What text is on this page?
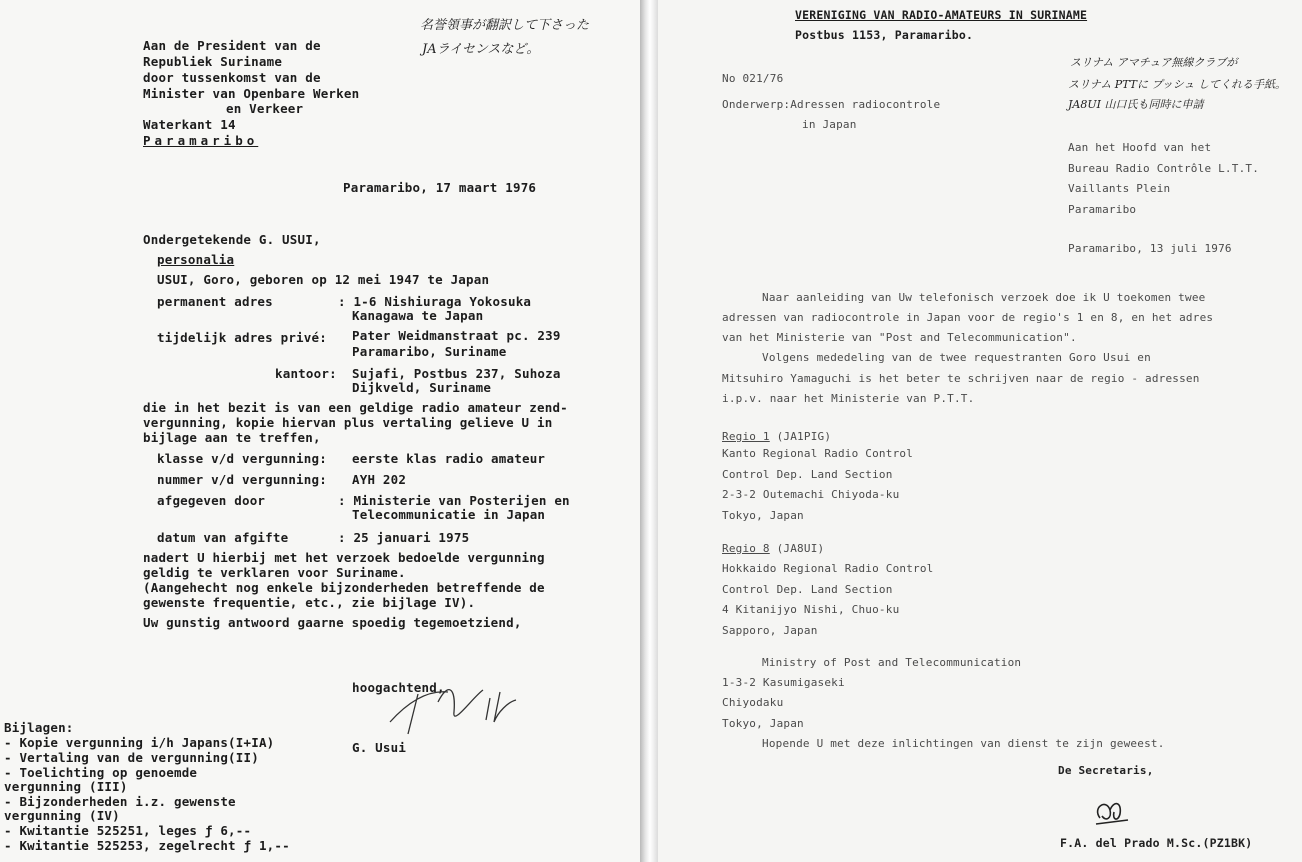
名誉領事が翻訳して下さった
JAライセンスなど。
Aan de President van de
Republiek Suriname
door tussenkomst van de
Minister van Openbare Werken
en Verkeer
Waterkant 14
Paramaribo
Paramaribo, 17 maart 1976
Ondergetekende G. USUI,
personalia
USUI, Goro, geboren op 12 mei 1947 te Japan
permanent adres	: 1-6 Nishiuraga Yokosuka
Kanagawa te Japan
tijdelijk adres privé: Pater Weidmanstraat pc. 239
Paramaribo, Suriname
kantoor: Sujafi, Postbus 237, Suhoza
Dijkveld, Suriname
die in het bezit is van een geldige radio amateur zend-
vergunning, kopie hiervan plus vertaling gelieve U in
bijlage aan te treffen,
klasse v/d vergunning: eerste klas radio amateur
nummer v/d vergunning: AYH 202
afgegeven door	: Ministerie van Posterijen en
Telecommunicatie in Japan
datum van afgifte	: 25 januari 1975
nadert U hierbij met het verzoek bedoelde vergunning
geldig te verklaren voor Suriname.
(Aangehecht nog enkele bijzonderheden betreffende de
gewenste frequentie, etc., zie bijlage IV).
Uw gunstig antwoord gaarne spoedig tegemoetziend,
hoogachtend,
G. Usui
Bijlagen:
- Kopie vergunning i/h Japans(I+IA)
- Vertaling van de vergunning(II)
- Toelichting op genoemde
vergunning (III)
- Bijzonderheden i.z. gewenste
vergunning (IV)
- Kwitantie 525251, leges ƒ 6,--
- Kwitantie 525253, zegelrecht ƒ 1,--
VERENIGING VAN RADIO-AMATEURS IN SURINAME
Postbus 1153, Paramaribo.
スリナム アマチュア無線クラブが
スリナム PTTに プッシュ してくれる手紙。
JA8UI 山口氏も同時に申請
No 021/76
Onderwerp:Adressen radiocontrole
in Japan
Aan het Hoofd van het
Bureau Radio Contrôle L.T.T.
Vaillants Plein
Paramaribo
Paramaribo, 13 juli 1976
Naar aanleiding van Uw telefonisch verzoek doe ik U toekomen twee
adressen van radiocontrole in Japan voor de regio's 1 en 8, en het adres
van het Ministerie van "Post and Telecommunication".
Volgens mededeling van de twee requestranten Goro Usui en
Mitsuhiro Yamaguchi is het beter te schrijven naar de regio - adressen
i.p.v. naar het Ministerie van P.T.T.
Regio 1 (JA1PIG)
Kanto Regional Radio Control
Control Dep. Land Section
2-3-2 Outemachi Chiyoda-ku
Tokyo, Japan
Regio 8 (JA8UI)
Hokkaido Regional Radio Control
Control Dep. Land Section
4 Kitanijyo Nishi, Chuo-ku
Sapporo, Japan
Ministry of Post and Telecommunication
1-3-2 Kasumigaseki
Chiyodaku
Tokyo, Japan
Hopende U met deze inlichtingen van dienst te zijn geweest.
De Secretaris,
F.A. del Prado M.Sc.(PZ1BK)
